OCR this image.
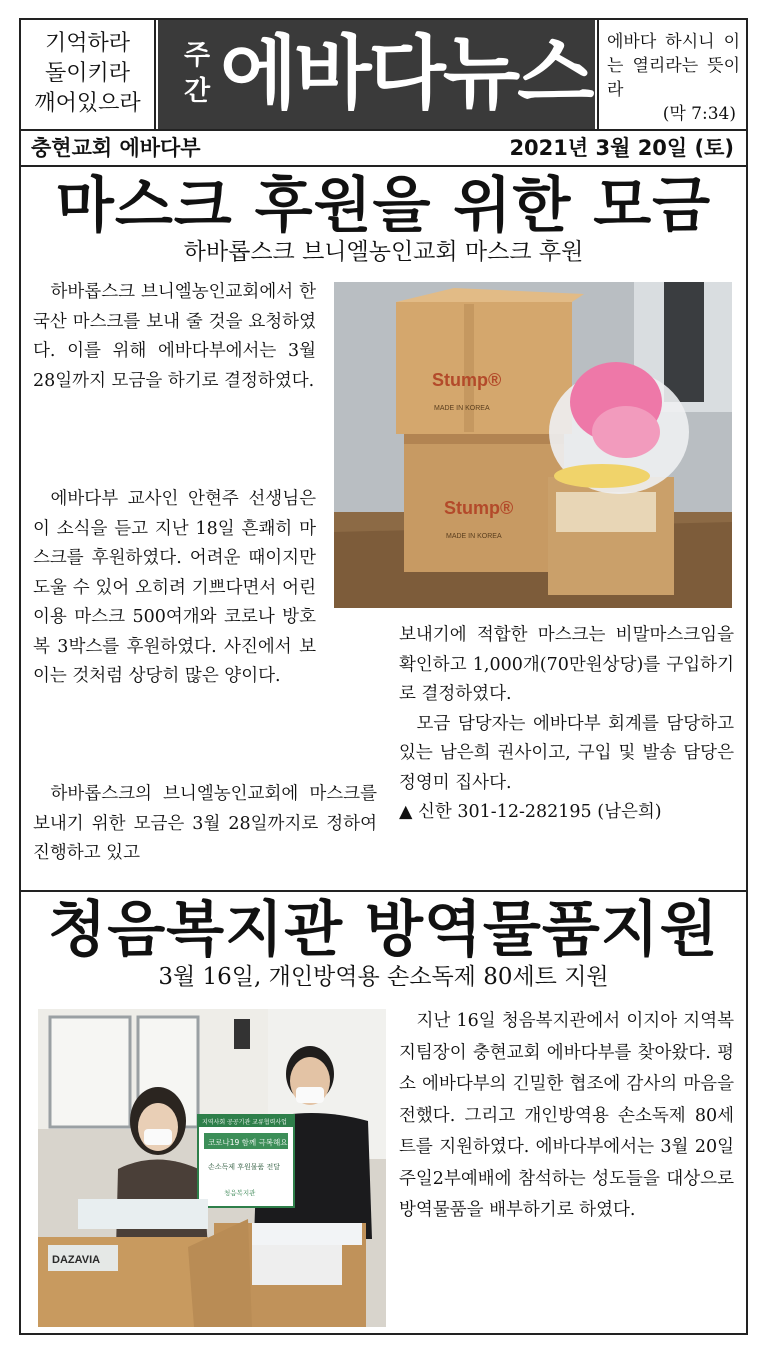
기억하라
돌이키라
깨어있으라
주
간 에바다뉴스 에바다 하시니 이는 열리라는 뜻이라
(막 7:34)
충현교회 에바다부	2021년 3월 20일 (토)
마스크 후원을 위한 모금
하바롭스크 브니엘농인교회 마스크 후원
Stump®
MADE IN KOREA
Stump®
MADE IN KOREA

하바롭스크 브니엘농인교회에서 한국산 마스크를 보내 줄 것을 요청하였다. 이를 위해 에바다부에서는 3월 28일까지 모금을 하기로 결정하였다.

에바다부 교사인 안현주 선생님은 이 소식을 듣고 지난 18일 흔쾌히 마스크를 후원하였다. 어려운 때이지만 도울 수 있어 오히려 기쁘다면서 어린이용 마스크 500여개와 코로나 방호복 3박스를 후원하였다. 사진에서 보이는 것처럼 상당히 많은 양이다.

하바롭스크의 브니엘농인교회에 마스크를 보내기 위한 모금은 3월 28일까지로 정하여 진행하고 있고

보내기에 적합한 마스크는 비말마스크임을 확인하고 1,000개(70만원상당)를 구입하기로 결정하였다.

모금 담당자는 에바다부 회계를 담당하고 있는 남은희 권사이고, 구입 및 발송 담당은 정영미 집사다.

▲ 신한 301-12-282195 (남은희)
청음복지관 방역물품지원
3월 16일, 개인방역용 손소독제 80세트 지원
지역사회 공공기관 교류협력사업
코로나19 함께 극복해요
손소독제 후원물품 전달
청음복지관
DAZAVIA

지난 16일 청음복지관에서 이지아 지역복지팀장이 충현교회 에바다부를 찾아왔다. 평소 에바다부의 긴밀한 협조에 감사의 마음을 전했다. 그리고 개인방역용 손소독제 80세트를 지원하였다. 에바다부에서는 3월 20일 주일2부예배에 참석하는 성도들을 대상으로 방역물품을 배부하기로 하였다.
